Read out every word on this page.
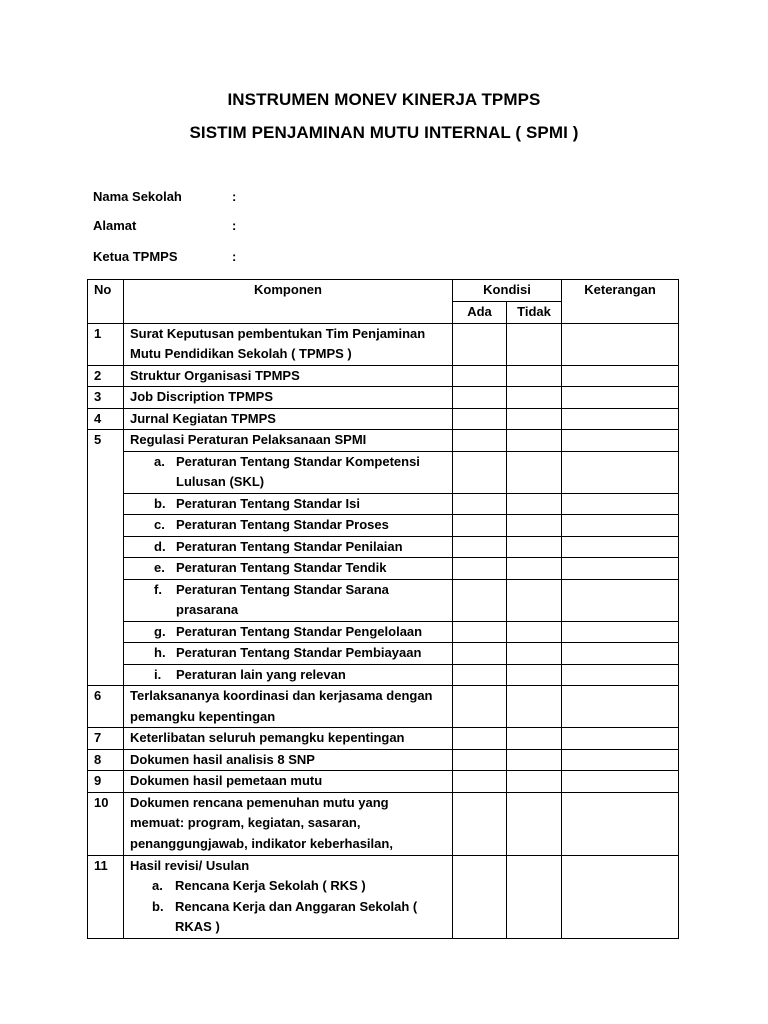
INSTRUMEN MONEV KINERJA TPMPS
SISTIM PENJAMINAN MUTU INTERNAL ( SPMI )
Nama Sekolah	:
Alamat	:
Ketua TPMPS	:
No	Komponen	Kondisi		Keterangan
		Ada	Tidak	
1	Surat Keputusan pembentukan Tim Penjaminan Mutu Pendidikan Sekolah ( TPMPS )			
2	Struktur Organisasi TPMPS			
3	Job Discription TPMPS			
4	Jurnal Kegiatan TPMPS			
5	Regulasi Peraturan Pelaksanaan SPMI			

	a. Peraturan Tentang Standar Kompetensi Lulusan (SKL)			

	b. Peraturan Tentang Standar Isi			

	c. Peraturan Tentang Standar Proses			

	d. Peraturan Tentang Standar Penilaian			

	e. Peraturan Tentang Standar Tendik			

	f. Peraturan Tentang Standar Sarana prasarana			

	g. Peraturan Tentang Standar Pengelolaan			

	h. Peraturan Tentang Standar Pembiayaan			

	i. Peraturan lain yang relevan			

6	Terlaksananya koordinasi dan kerjasama dengan pemangku kepentingan			
7	Keterlibatan seluruh pemangku kepentingan			
8	Dokumen hasil analisis 8 SNP			
9	Dokumen hasil pemetaan mutu			
10	Dokumen rencana pemenuhan mutu yang memuat: program, kegiatan, sasaran, penanggungjawab, indikator keberhasilan,			
11	Hasil revisi/ Usulan
a. Rencana Kerja Sekolah ( RKS )
b. Rencana Kerja dan Anggaran Sekolah ( RKAS )			
